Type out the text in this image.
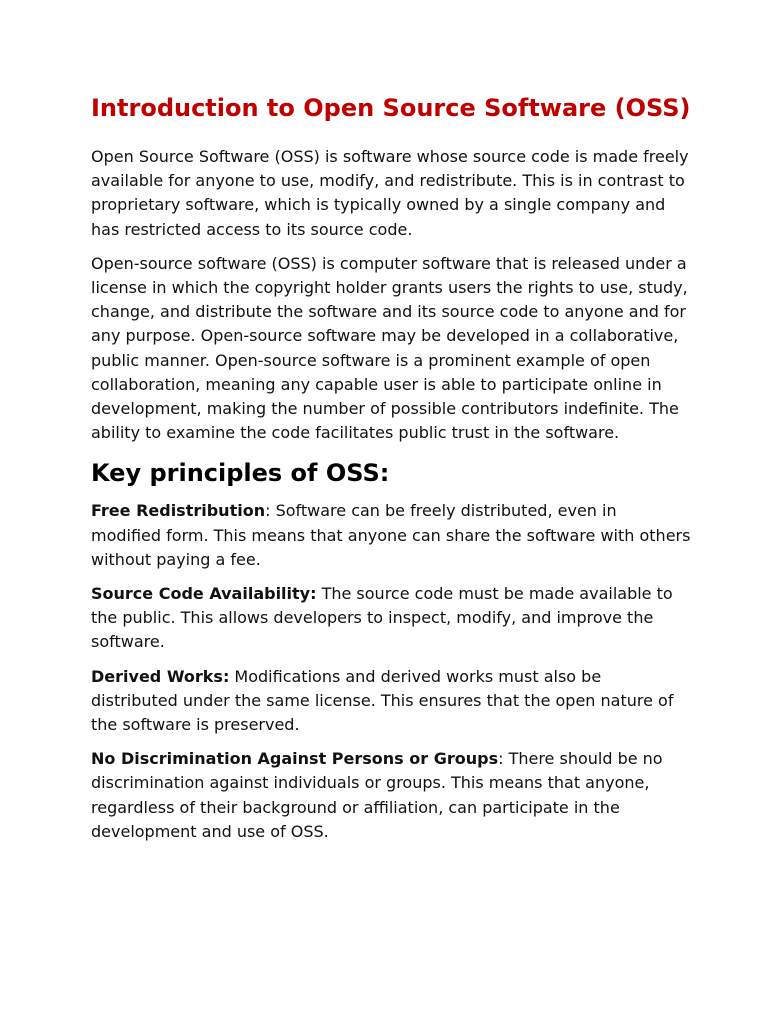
Introduction to Open Source Software (OSS)

Open Source Software (OSS) is software whose source code is made freely available for anyone to use, modify, and redistribute. This is in contrast to proprietary software, which is typically owned by a single company and has restricted access to its source code.

Open-source software (OSS) is computer software that is released under a license in which the copyright holder grants users the rights to use, study, change, and distribute the software and its source code to anyone and for any purpose. Open-source software may be developed in a collaborative, public manner. Open-source software is a prominent example of open collaboration, meaning any capable user is able to participate online in development, making the number of possible contributors indefinite. The ability to examine the code facilitates public trust in the software.

Key principles of OSS:

Free Redistribution: Software can be freely distributed, even in modified form. This means that anyone can share the software with others without paying a fee.

Source Code Availability: The source code must be made available to the public. This allows developers to inspect, modify, and improve the software.

Derived Works: Modifications and derived works must also be distributed under the same license. This ensures that the open nature of the software is preserved.

No Discrimination Against Persons or Groups: There should be no discrimination against individuals or groups. This means that anyone, regardless of their background or affiliation, can participate in the development and use of OSS.
